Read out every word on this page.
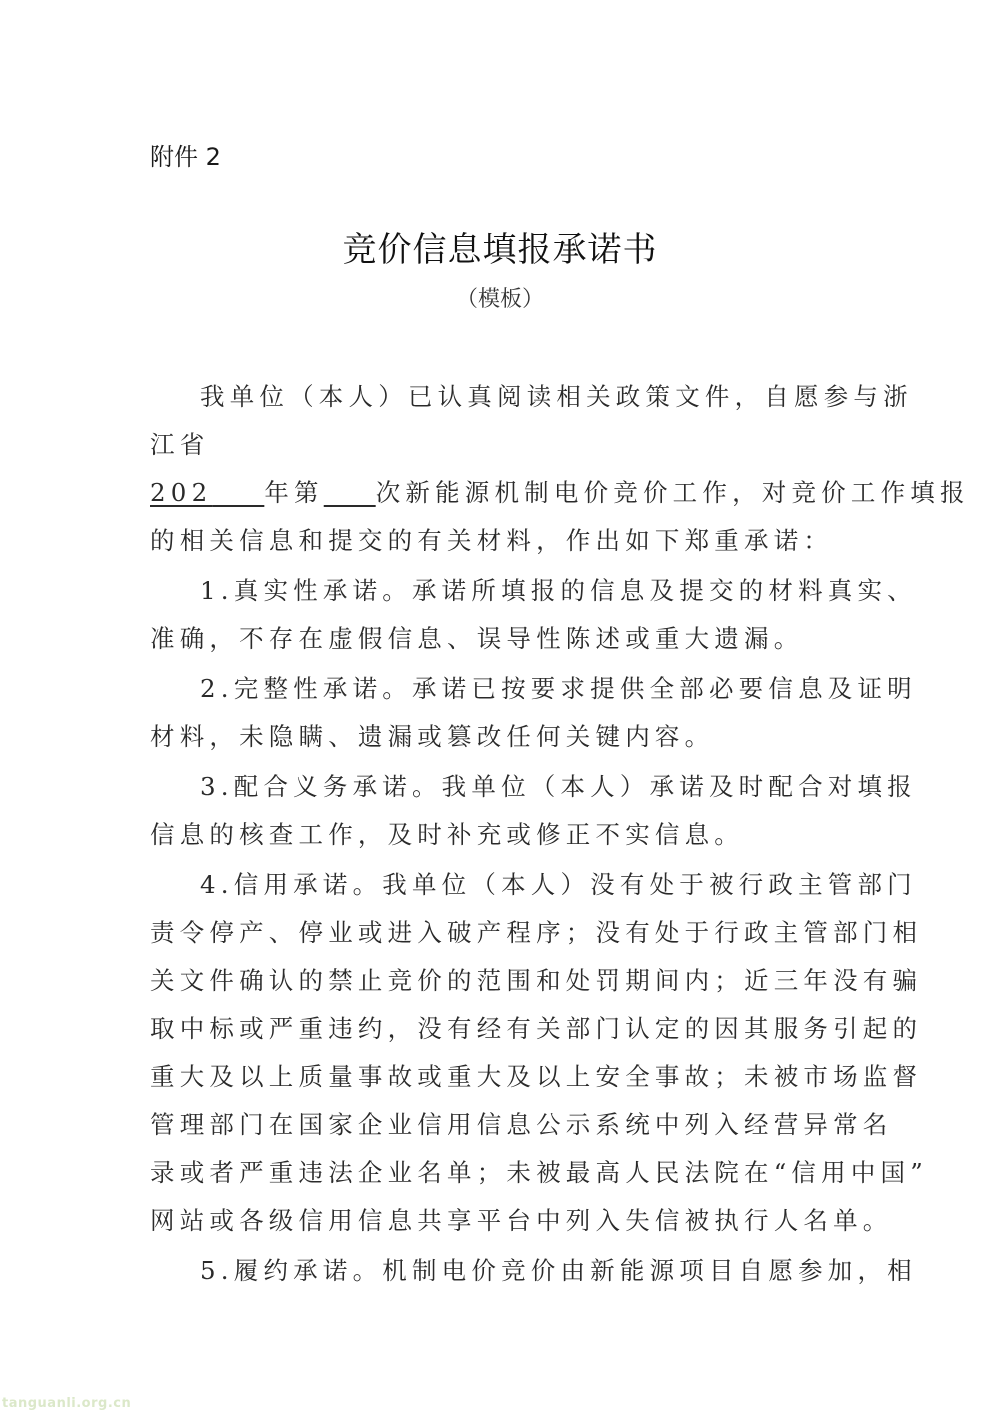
附件 2
竞价信息填报承诺书
（模板）
我单位（本人）已认真阅读相关政策文件，自愿参与浙
江省
202 年第 次新能源机制电价竞价工作，对竞价工作填报
的相关信息和提交的有关材料，作出如下郑重承诺：
1.真实性承诺。承诺所填报的信息及提交的材料真实、
准确，不存在虚假信息、误导性陈述或重大遗漏。
2.完整性承诺。承诺已按要求提供全部必要信息及证明
材料，未隐瞒、遗漏或篡改任何关键内容。
3.配合义务承诺。我单位（本人）承诺及时配合对填报
信息的核查工作，及时补充或修正不实信息。
4.信用承诺。我单位（本人）没有处于被行政主管部门
责令停产、停业或进入破产程序；没有处于行政主管部门相
关文件确认的禁止竞价的范围和处罚期间内；近三年没有骗
取中标或严重违约，没有经有关部门认定的因其服务引起的
重大及以上质量事故或重大及以上安全事故；未被市场监督
管理部门在国家企业信用信息公示系统中列入经营异常名
录或者严重违法企业名单；未被最高人民法院在“信用中国”
网站或各级信用信息共享平台中列入失信被执行人名单。
5.履约承诺。机制电价竞价由新能源项目自愿参加，相
tanguanli.org.cn
